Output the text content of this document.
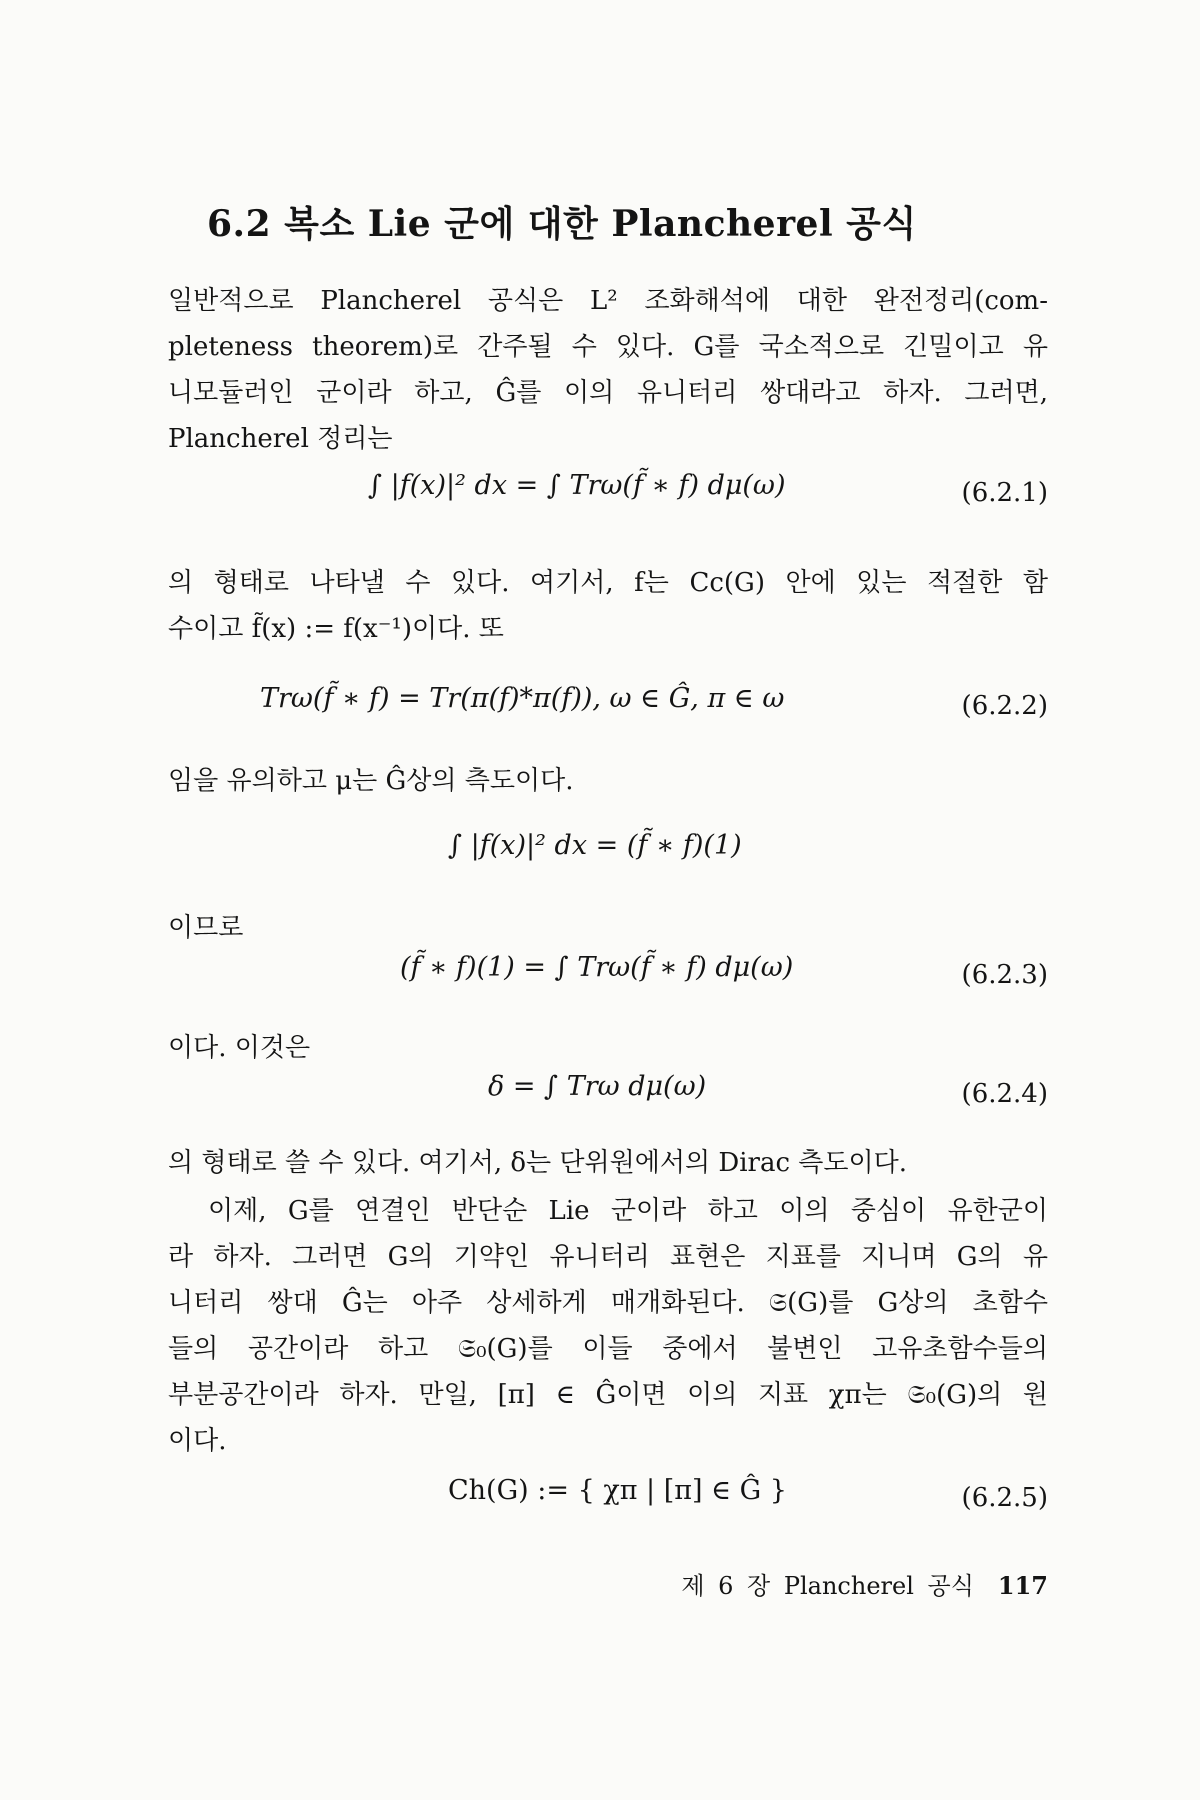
6.2 복소 Lie 군에 대한 Plancherel 공식
일반적으로 Plancherel 공식은 L² 조화해석에 대한 완전정리(com-
pleteness theorem)로 간주될 수 있다. G를 국소적으로 긴밀이고 유
니모듈러인 군이라 하고, Ĝ를 이의 유니터리 쌍대라고 하자. 그러면,
Plancherel 정리는
∫ |f(x)|² dx = ∫ Trω(f̃ ∗ f) dμ(ω)	(6.2.1)
의 형태로 나타낼 수 있다. 여기서, f는 Cc(G) 안에 있는 적절한 함
수이고 f̃(x) := f(x⁻¹)이다. 또
Trω(f̃ ∗ f) = Tr(π(f)*π(f)), ω ∈ Ĝ, π ∈ ω	(6.2.2)
임을 유의하고 μ는 Ĝ상의 측도이다.
∫ |f(x)|² dx = (f̃ ∗ f)(1)
이므로
(f̃ ∗ f)(1) = ∫ Trω(f̃ ∗ f) dμ(ω)	(6.2.3)
이다. 이것은
δ = ∫ Trω dμ(ω)	(6.2.4)
의 형태로 쓸 수 있다. 여기서, δ는 단위원에서의 Dirac 측도이다.
이제, G를 연결인 반단순 Lie 군이라 하고 이의 중심이 유한군이
라 하자. 그러면 G의 기약인 유니터리 표현은 지표를 지니며 G의 유
니터리 쌍대 Ĝ는 아주 상세하게 매개화된다. 𝔖(G)를 G상의 초함수
들의 공간이라 하고 𝔖₀(G)를 이들 중에서 불변인 고유초함수들의
부분공간이라 하자. 만일, [π] ∈ Ĝ이면 이의 지표 χπ는 𝔖₀(G)의 원
이다.
Ch(G) := { χπ | [π] ∈ Ĝ }	(6.2.5)
제 6 장 Plancherel 공식 117
